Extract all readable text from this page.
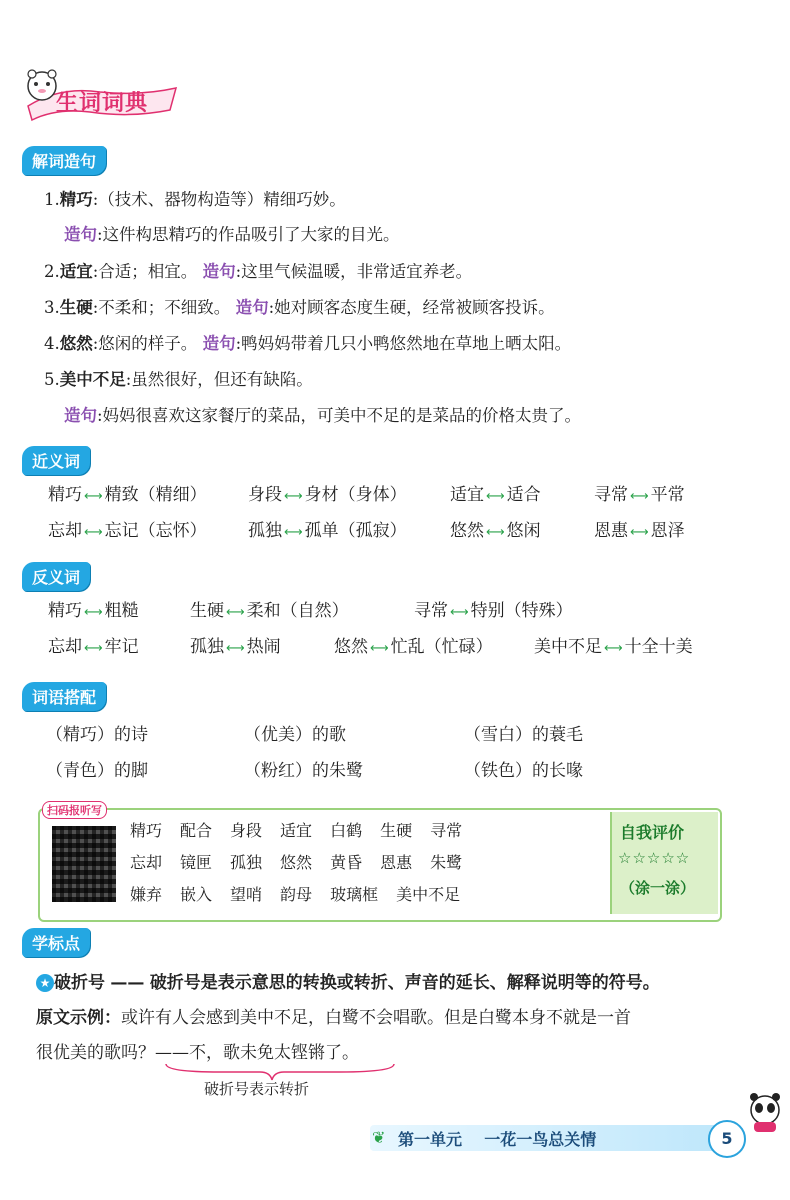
生词词典
解词造句
1.精巧:（技术、器物构造等）精细巧妙。
造句:这件构思精巧的作品吸引了大家的目光。
2.适宜:合适；相宜。 造句:这里气候温暖，非常适宜养老。
3.生硬:不柔和；不细致。 造句:她对顾客态度生硬，经常被顾客投诉。
4.悠然:悠闲的样子。 造句:鸭妈妈带着几只小鸭悠然地在草地上晒太阳。
5.美中不足:虽然很好，但还有缺陷。
造句:妈妈很喜欢这家餐厅的菜品，可美中不足的是菜品的价格太贵了。
近义词
精巧 ⟷ 精致（精细） 身段 ⟷ 身材（身体）	适宜 ⟷ 适合	寻常 ⟷ 平常
忘却 ⟷ 忘记（忘怀） 孤独 ⟷ 孤单（孤寂）	悠然 ⟷ 悠闲	恩惠 ⟷ 恩泽
反义词
精巧 ⟷ 粗糙	生硬 ⟷ 柔和（自然）	寻常 ⟷ 特别（特殊）
忘却 ⟷ 牢记	孤独 ⟷ 热闹	悠然 ⟷ 忙乱（忙碌） 美中不足 ⟷ 十全十美
词语搭配
（精巧）的诗	（优美）的歌	（雪白）的蓑毛
（青色）的脚	（粉红）的朱鹭	（铁色）的长喙
扫码报听写
精巧 配合 身段 适宜 白鹤 生硬 寻常
忘却 镜匣 孤独 悠然 黄昏 恩惠 朱鹭
嫌弃 嵌入 望哨 韵母 玻璃框 美中不足
自我评价
☆☆☆☆☆
（涂一涂）
学标点
★ 破折号 —— 破折号是表示意思的转换或转折、声音的延长、解释说明等的符号。
原文示例：或许有人会感到美中不足，白鹭不会唱歌。但是白鹭本身不就是一首
很优美的歌吗？——不，歌未免太铿锵了。
破折号表示转折
❦ 第一单元 一花一鸟总关情	5
